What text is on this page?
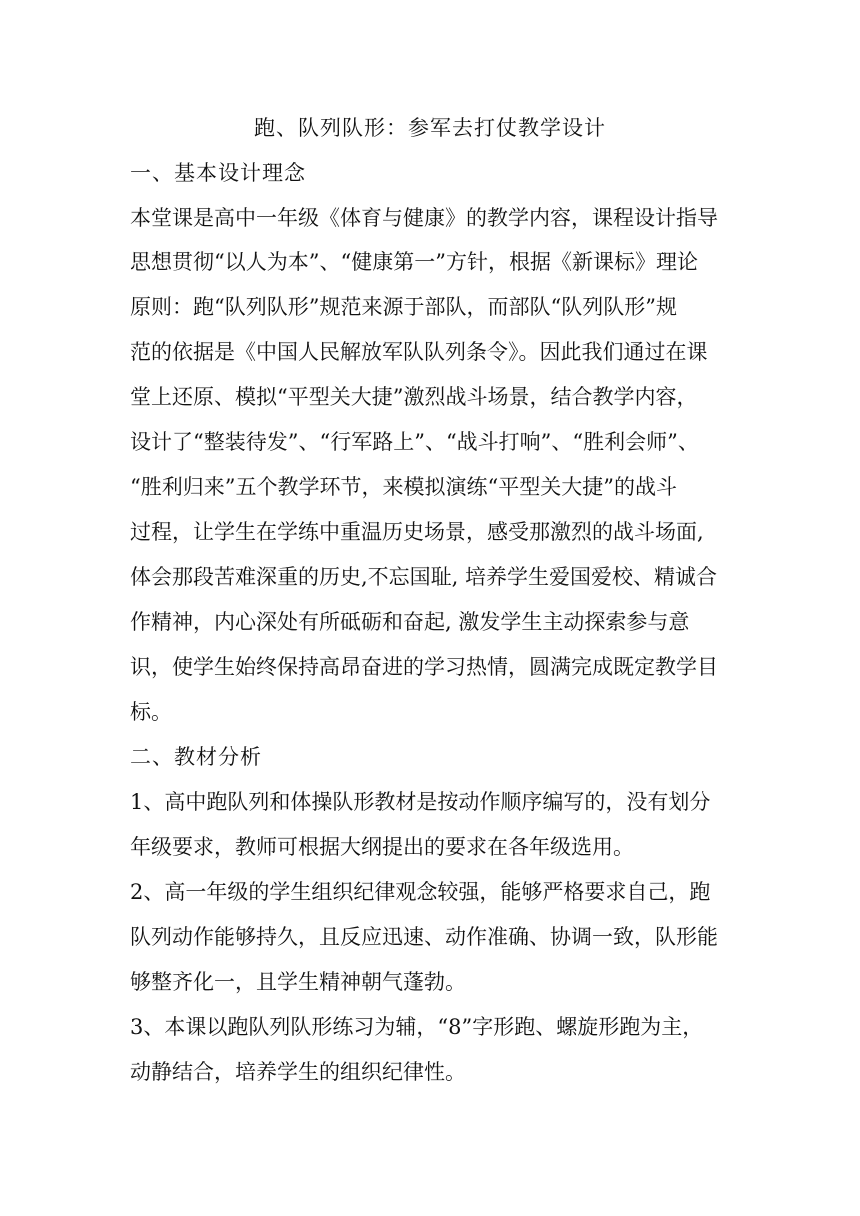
跑、队列队形：参军去打仗教学设计
一、基本设计理念
本堂课是高中一年级《体育与健康》的教学内容，课程设计指导
思想贯彻“以人为本”、“健康第一”方针，根据《新课标》理论
原则：跑“队列队形”规范来源于部队，而部队“队列队形”规
范的依据是《中国人民解放军队队列条令》。因此我们通过在课
堂上还原、模拟“平型关大捷”激烈战斗场景，结合教学内容，
设计了“整装待发”、“行军路上”、“战斗打响”、“胜利会师”、
“胜利归来”五个教学环节，来模拟演练“平型关大捷”的战斗
过程，让学生在学练中重温历史场景，感受那激烈的战斗场面,
体会那段苦难深重的历史,不忘国耻, 培养学生爱国爱校、精诚合
作精神，内心深处有所砥砺和奋起, 激发学生主动探索参与意
识，使学生始终保持高昂奋进的学习热情，圆满完成既定教学目
标。
二、教材分析
1、高中跑队列和体操队形教材是按动作顺序编写的，没有划分
年级要求，教师可根据大纲提出的要求在各年级选用。
2、高一年级的学生组织纪律观念较强，能够严格要求自己，跑
队列动作能够持久，且反应迅速、动作准确、协调一致，队形能
够整齐化一，且学生精神朝气蓬勃。
3、本课以跑队列队形练习为辅，“8”字形跑、螺旋形跑为主，
动静结合，培养学生的组织纪律性。
